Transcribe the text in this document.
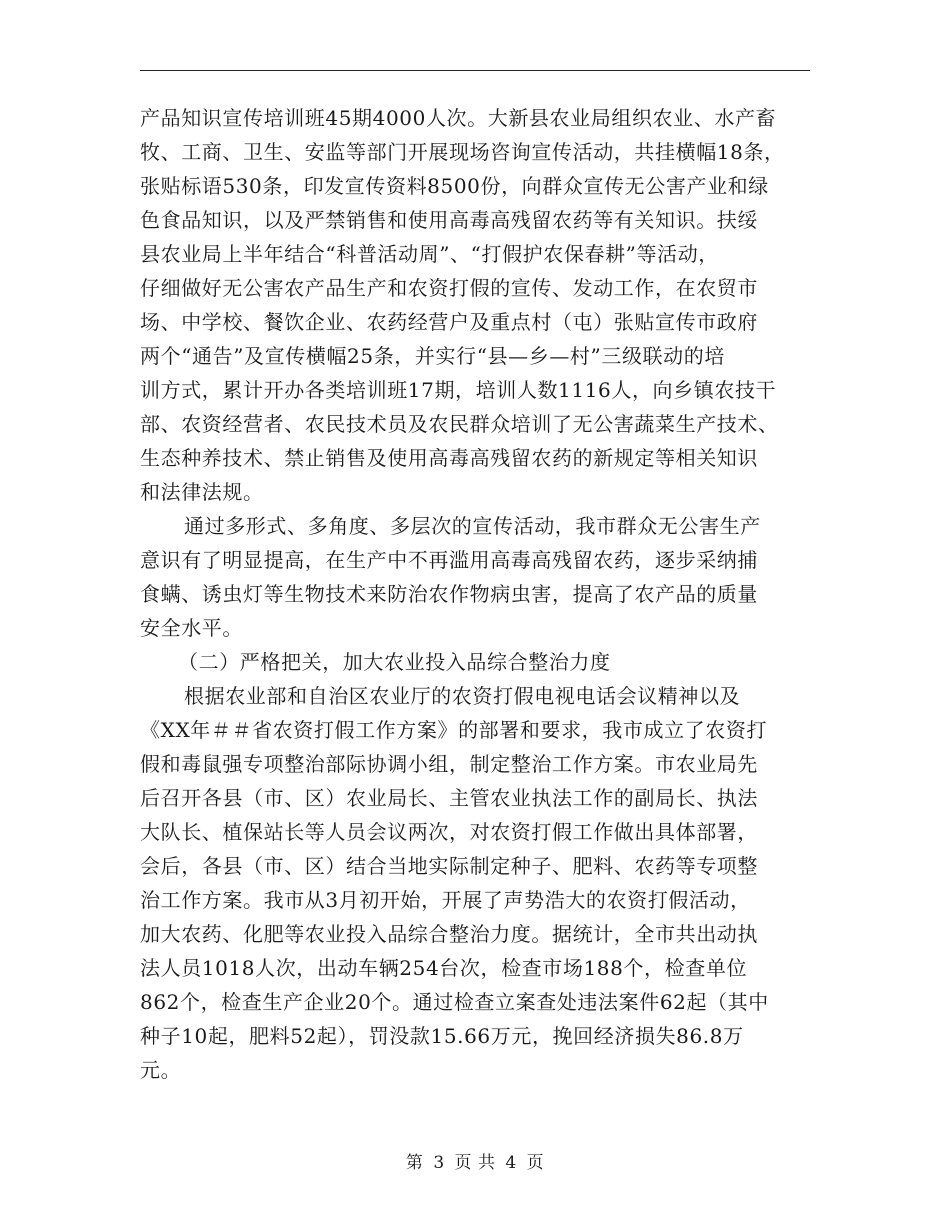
产品知识宣传培训班45期4000人次。大新县农业局组织农业、水产畜
牧、工商、卫生、安监等部门开展现场咨询宣传活动，共挂横幅18条，
张贴标语530条，印发宣传资料8500份，向群众宣传无公害产业和绿
色食品知识，以及严禁销售和使用高毒高残留农药等有关知识。扶绥
县农业局上半年结合“科普活动周”、“打假护农保春耕”等活动，
仔细做好无公害农产品生产和农资打假的宣传、发动工作，在农贸市
场、中学校、餐饮企业、农药经营户及重点村（屯）张贴宣传市政府
两个“通告”及宣传横幅25条，并实行“县—乡—村”三级联动的培
训方式，累计开办各类培训班17期，培训人数1116人，向乡镇农技干
部、农资经营者、农民技术员及农民群众培训了无公害蔬菜生产技术、
生态种养技术、禁止销售及使用高毒高残留农药的新规定等相关知识
和法律法规。
通过多形式、多角度、多层次的宣传活动，我市群众无公害生产
意识有了明显提高，在生产中不再滥用高毒高残留农药，逐步采纳捕
食螨、诱虫灯等生物技术来防治农作物病虫害，提高了农产品的质量
安全水平。
（二）严格把关，加大农业投入品综合整治力度
根据农业部和自治区农业厅的农资打假电视电话会议精神以及
《XX年＃＃省农资打假工作方案》的部署和要求，我市成立了农资打
假和毒鼠强专项整治部际协调小组，制定整治工作方案。市农业局先
后召开各县（市、区）农业局长、主管农业执法工作的副局长、执法
大队长、植保站长等人员会议两次，对农资打假工作做出具体部署，
会后，各县（市、区）结合当地实际制定种子、肥料、农药等专项整
治工作方案。我市从3月初开始，开展了声势浩大的农资打假活动，
加大农药、化肥等农业投入品综合整治力度。据统计，全市共出动执
法人员1018人次，出动车辆254台次，检查市场188个，检查单位
862个，检查生产企业20个。通过检查立案查处违法案件62起（其中
种子10起，肥料52起），罚没款15.66万元，挽回经济损失86.8万
元。
第 3 页 共 4 页
